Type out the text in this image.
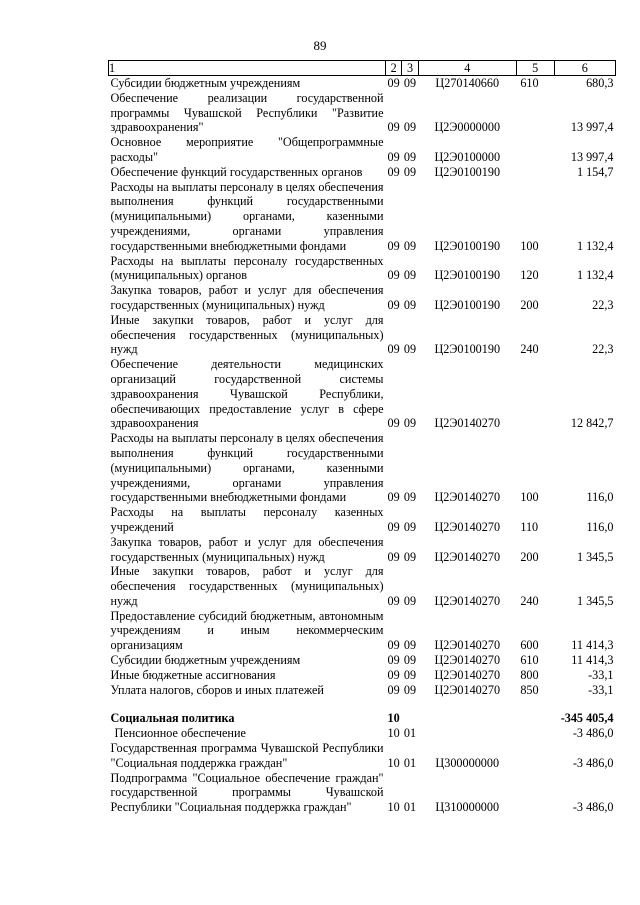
89
1	2	3	4	5	6
Субсидии бюджетным учреждениям	09	09	Ц270140660	610	680,3
Обеспечение реализации государственной программы Чувашской Республики "Развитие здравоохранения"	09	09	Ц2Э0000000		13 997,4
Основное мероприятие "Общепрограммные расходы"	09	09	Ц2Э0100000		13 997,4
Обеспечение функций государственных органов	09	09	Ц2Э0100190		1 154,7
Расходы на выплаты персоналу в целях обеспечения выполнения функций государственными (муниципальными) органами, казенными учреждениями, органами управления государственными внебюджетными фондами	09	09	Ц2Э0100190	100	1 132,4
Расходы на выплаты персоналу государственных (муниципальных) органов	09	09	Ц2Э0100190	120	1 132,4
Закупка товаров, работ и услуг для обеспечения государственных (муниципальных) нужд	09	09	Ц2Э0100190	200	22,3
Иные закупки товаров, работ и услуг для обеспечения государственных (муниципальных) нужд	09	09	Ц2Э0100190	240	22,3
Обеспечение деятельности медицинских организаций государственной системы здравоохранения Чувашской Республики, обеспечивающих предоставление услуг в сфере здравоохранения	09	09	Ц2Э0140270		12 842,7
Расходы на выплаты персоналу в целях обеспечения выполнения функций государственными (муниципальными) органами, казенными учреждениями, органами управления государственными внебюджетными фондами	09	09	Ц2Э0140270	100	116,0
Расходы на выплаты персоналу казенных учреждений	09	09	Ц2Э0140270	110	116,0
Закупка товаров, работ и услуг для обеспечения государственных (муниципальных) нужд	09	09	Ц2Э0140270	200	1 345,5
Иные закупки товаров, работ и услуг для обеспечения государственных (муниципальных) нужд	09	09	Ц2Э0140270	240	1 345,5
Предоставление субсидий бюджетным, автономным учреждениям и иным некоммерческим организациям	09	09	Ц2Э0140270	600	11 414,3
Субсидии бюджетным учреждениям	09	09	Ц2Э0140270	610	11 414,3
Иные бюджетные ассигнования	09	09	Ц2Э0140270	800	-33,1
Уплата налогов, сборов и иных платежей	09	09	Ц2Э0140270	850	-33,1

Социальная политика	10				-345 405,4
Пенсионное обеспечение	10	01			-3 486,0
Государственная программа Чувашской Республики "Социальная поддержка граждан"	10	01	Ц300000000		-3 486,0
Подпрограмма "Социальное обеспечение граждан" государственной программы Чувашской Республики "Социальная поддержка граждан"	10	01	Ц310000000		-3 486,0
